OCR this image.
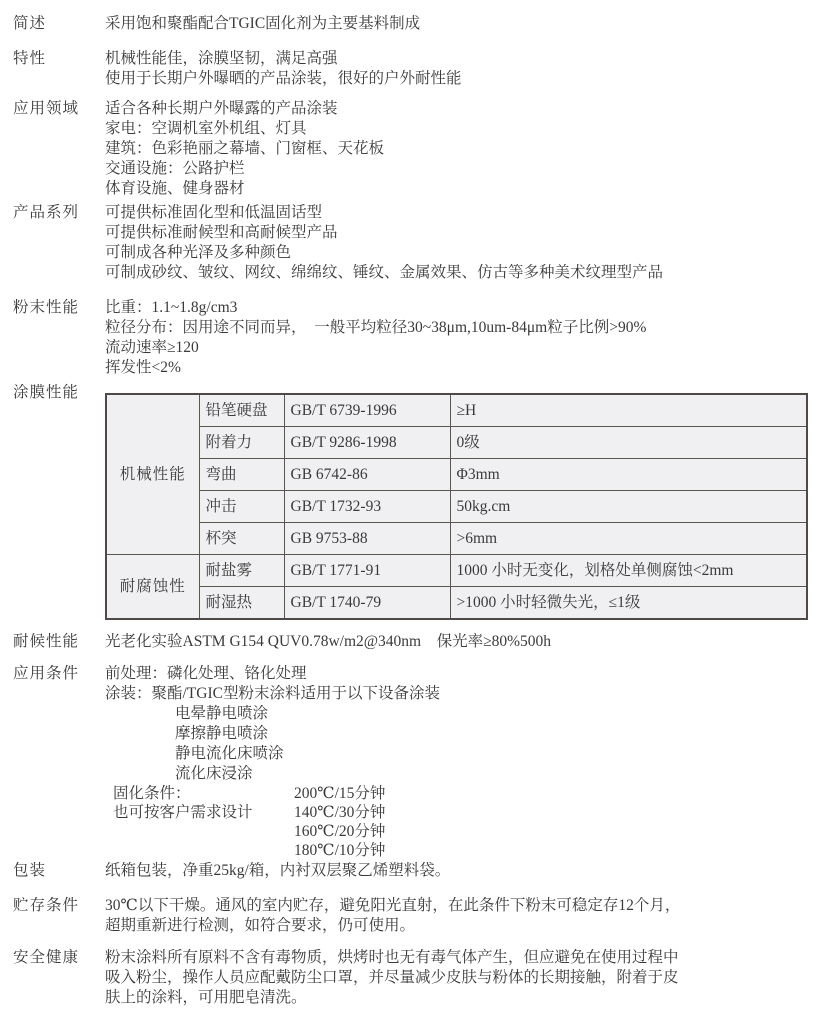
简述	采用饱和聚酯配合TGIC固化剂为主要基料制成
特性	机械性能佳，涂膜坚韧，满足高强
使用于长期户外曝晒的产品涂装，很好的户外耐性能
应用领域	适合各种长期户外曝露的产品涂装
家电：空调机室外机组、灯具
建筑：色彩艳丽之幕墙、门窗框、天花板
交通设施：公路护栏
体育设施、健身器材
产品系列	可提供标准固化型和低温固话型
可提供标准耐候型和高耐候型产品
可制成各种光泽及多种颜色
可制成砂纹、皱纹、网纹、绵绵纹、锤纹、金属效果、仿古等多种美术纹理型产品
粉末性能	比重：1.1~1.8g/cm3
粒径分布：因用途不同而异，　一般平均粒径30~38μm,10um-84μm粒子比例>90%
流动速率≥120
挥发性<2%
涂膜性能
机械性能	铅笔硬盘	GB/T 6739-1996	≥H
	附着力	GB/T 9286-1998	0级
	弯曲	GB 6742-86	Φ3mm
	冲击	GB/T 1732-93	50kg.cm
	杯突	GB 9753-88	>6mm
耐腐蚀性	耐盐雾	GB/T 1771-91	1000 小时无变化，划格处单侧腐蚀<2mm
	耐湿热	GB/T 1740-79	>1000 小时轻微失光，≤1级
耐候性能	光老化实验ASTM G154 QUV0.78w/m2@340nm　保光率≥80%500h
应用条件	前处理：磷化处理、铬化处理
涂装：聚酯/TGIC型粉末涂料适用于以下设备涂装
电晕静电喷涂
摩擦静电喷涂
静电流化床喷涂
流化床浸涂
固化条件：	200℃/15分钟
也可按客户需求设计	140℃/30分钟
160℃/20分钟
180℃/10分钟
包装	纸箱包装，净重25kg/箱，内衬双层聚乙烯塑料袋。
贮存条件	30℃以下干燥。通风的室内贮存，避免阳光直射，在此条件下粉末可稳定存12个月，
超期重新进行检测，如符合要求，仍可使用。
安全健康	粉末涂料所有原料不含有毒物质，烘烤时也无有毒气体产生，但应避免在使用过程中
吸入粉尘，操作人员应配戴防尘口罩，并尽量减少皮肤与粉体的长期接触，附着于皮
肤上的涂料，可用肥皂清洗。
